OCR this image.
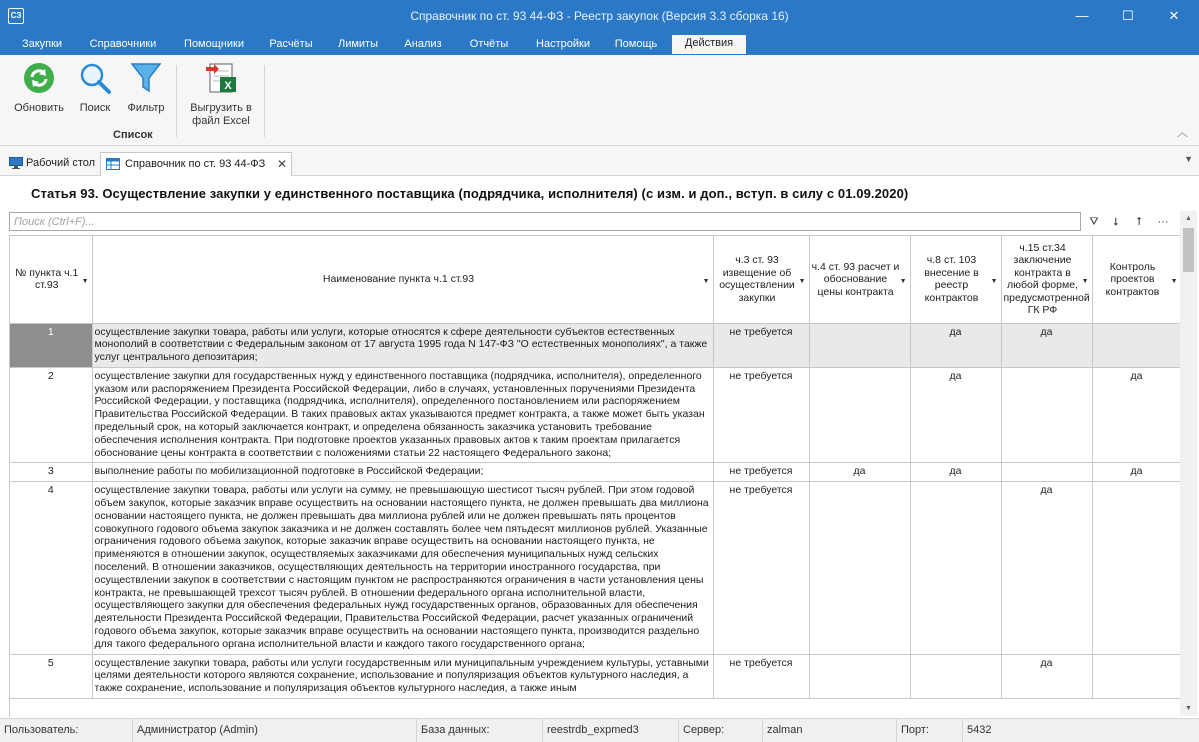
СЗ	Справочник по ст. 93 44-ФЗ - Реестр закупок (Версия 3.3 сборка 16)	—	☐	✕
Закупки	Справочники	Помощники	Расчёты	Лимиты	Анализ	Отчёты	Настройки	Помощь	Действия
Обновить	Поиск	Фильтр
X
Выгрузить в
файл Excel
Список	︿
Рабочий стол	Справочник по ст. 93 44-ФЗ ✕	▼
Статья 93. Осуществление закупки у единственного поставщика (подрядчика, исполнителя) (с изм. и доп., вступ. в силу с 01.09.2020)
Поиск (Ctrl+F)...
⛛	⭣	⭡	···
№ пункта ч.1 ст.93 ▼	Наименование пункта ч.1 ст.93 ▼	ч.3 ст. 93 извещение об осуществлении закупки
▼	ч.4 ст. 93 расчет и обоснование цены контракта
▼	ч.8 ст. 103 внесение в реестр контрактов
▼	ч.15 ст.34 заключение контракта в любой форме, предусмотренной ГК РФ
▼	Контроль проектов контрактов
▼

1	осуществление закупки товара, работы или услуги, которые относятся к сфере деятельности субъектов естественных монополий в соответствии с Федеральным законом от 17 августа 1995 года N 147-ФЗ "О естественных монополиях", а также услуг центрального депозитария;	не требуется		да	да	
2	осуществление закупки для государственных нужд у единственного поставщика (подрядчика, исполнителя), определенного указом или распоряжением Президента Российской Федерации, либо в случаях, установленных поручениями Президента Российской Федерации, у поставщика (подрядчика, исполнителя), определенного постановлением или распоряжением Правительства Российской Федерации. В таких правовых актах указываются предмет контракта, а также может быть указан предельный срок, на который заключается контракт, и определена обязанность заказчика установить требование обеспечения исполнения контракта. При подготовке проектов указанных правовых актов к таким проектам прилагается обоснование цены контракта в соответствии с положениями статьи 22 настоящего Федерального закона;	не требуется		да		да
3	выполнение работы по мобилизационной подготовке в Российской Федерации;	не требуется	да	да		да
4	осуществление закупки товара, работы или услуги на сумму, не превышающую шестисот тысяч рублей. При этом годовой объем закупок, которые заказчик вправе осуществить на основании настоящего пункта, не должен превышать два миллиона основании настоящего пункта, не должен превышать два миллиона рублей или не должен превышать пять процентов совокупного годового объема закупок заказчика и не должен составлять более чем пятьдесят миллионов рублей. Указанные ограничения годового объема закупок, которые заказчик вправе осуществить на основании настоящего пункта, не применяются в отношении закупок, осуществляемых заказчиками для обеспечения муниципальных нужд сельских поселений. В отношении заказчиков, осуществляющих деятельность на территории иностранного государства, при осуществлении закупок в соответствии с настоящим пунктом не распространяются ограничения в части установления цены контракта, не превышающей трехсот тысяч рублей. В отношении федерального органа исполнительной власти, осуществляющего закупки для обеспечения федеральных нужд государственных органов, образованных для обеспечения деятельности Президента Российской Федерации, Правительства Российской Федерации, расчет указанных ограничений годового объема закупок, которые заказчик вправе осуществить на основании настоящего пункта, производится раздельно для такого федерального органа исполнительной власти и каждого такого государственного органа;	не требуется			да	
5	осуществление закупки товара, работы или услуги государственным или муниципальным учреждением культуры, уставными целями деятельности которого являются сохранение, использование и популяризация объектов культурного наследия, а также сохранение, использование и популяризация объектов культурного наследия, а также иным	не требуется			да	
▲
▼
Пользователь:	Администратор (Admin)	База данных:	reestrdb_expmed3	Сервер:	zalman	Порт:	5432
